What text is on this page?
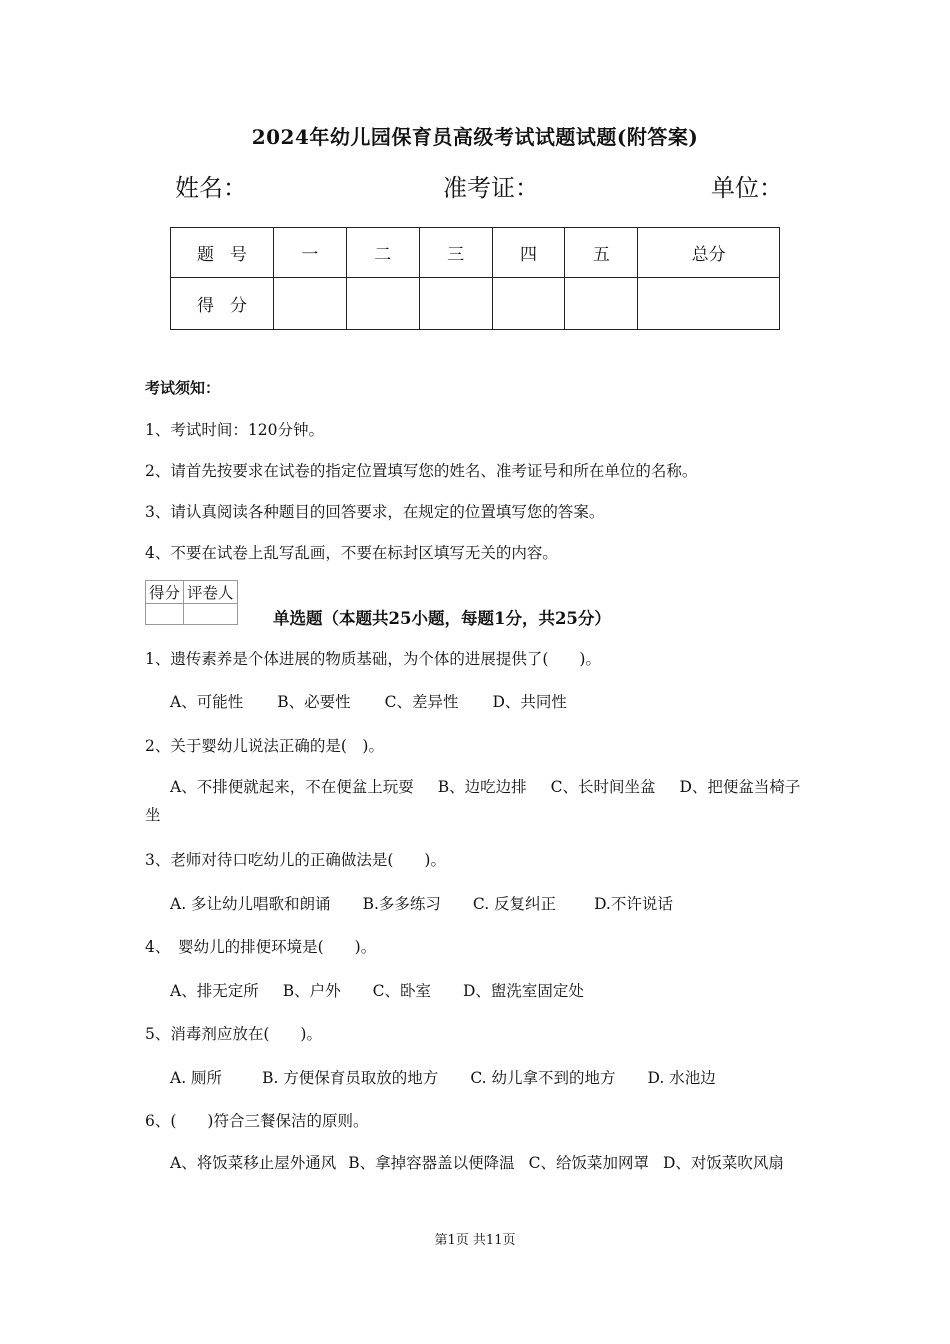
2024年幼儿园保育员高级考试试题试题(附答案)
姓名：	准考证：	单位：
题号	一	二	三	四	五	总分
得分						
考试须知：
1、考试时间：120分钟。
2、请首先按要求在试卷的指定位置填写您的姓名、准考证号和所在单位的名称。
3、请认真阅读各种题目的回答要求，在规定的位置填写您的答案。
4、不要在试卷上乱写乱画，不要在标封区填写无关的内容。
得分	评卷人

单选题（本题共25小题，每题1分，共25分）
1、遗传素养是个体进展的物质基础，为个体的进展提供了(　　)。
A、可能性 B、必要性 C、差异性 D、共同性
2、关于婴幼儿说法正确的是(　)。
A、不排便就起来，不在便盆上玩耍 B、边吃边排 C、长时间坐盆 D、把便盆当椅子坐
3、老师对待口吃幼儿的正确做法是(　　)。
A. 多让幼儿唱歌和朗诵 B.多多练习 C. 反复纠正 D.不许说话
4、　婴幼儿的排便环境是(　　)。
A、排无定所 B、户外 C、卧室 D、盥洗室固定处
5、消毒剂应放在(　　)。
A. 厕所	B. 方便保育员取放的地方 C. 幼儿拿不到的地方 D. 水池边
6、(　　)符合三餐保洁的原则。
A、将饭菜移止屋外通风 B、拿掉容器盖以便降温 C、给饭菜加网罩 D、对饭菜吹风扇
第1页 共11页
